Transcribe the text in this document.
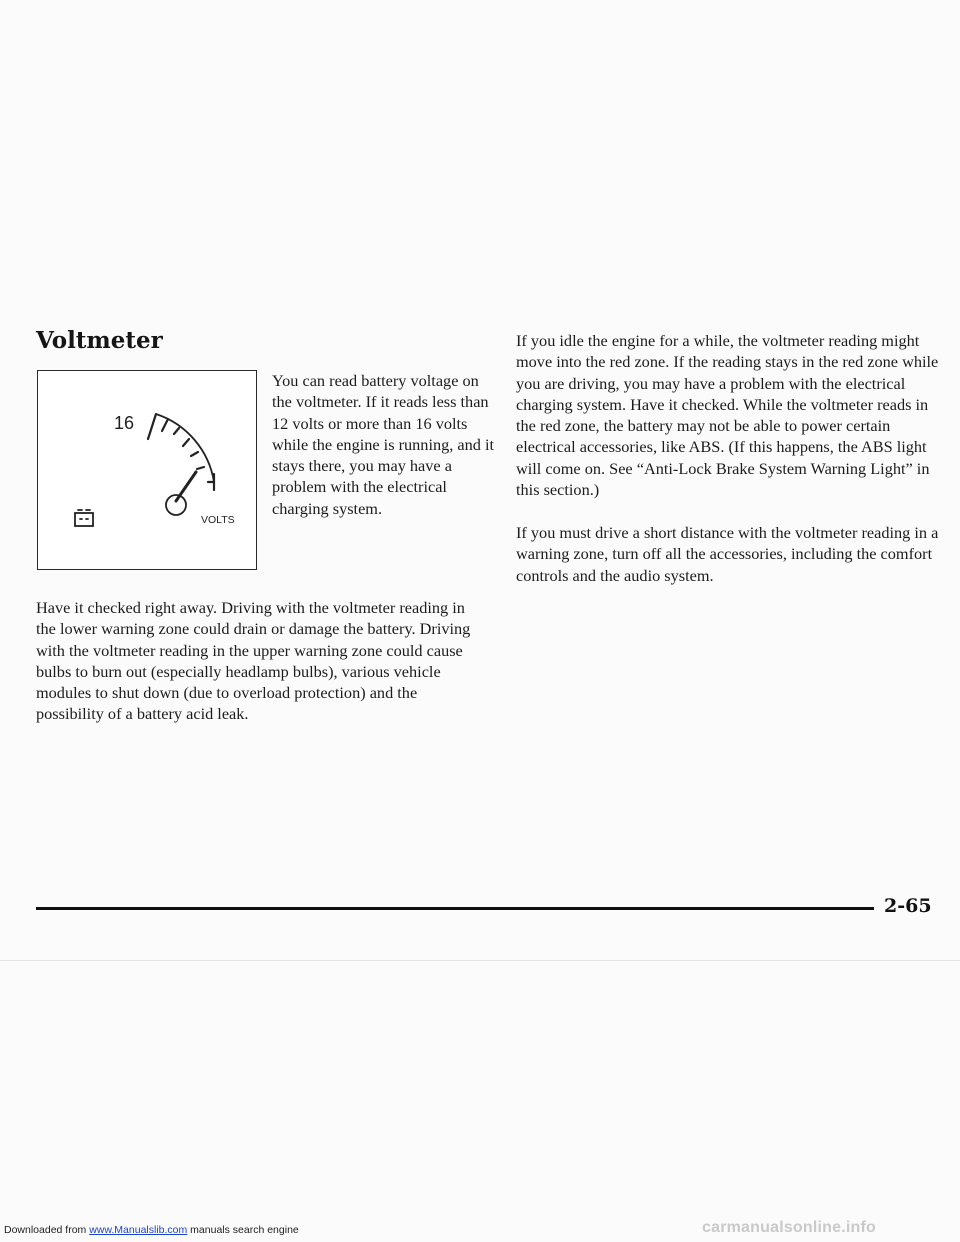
Voltmeter
16
VOLTS

You can read battery voltage on the voltmeter. If it reads less than 12 volts or more than 16 volts while the engine is running, and it stays there, you may have a problem with the electrical charging system.

Have it checked right away. Driving with the voltmeter reading in the lower warning zone could drain or damage the battery. Driving with the voltmeter reading in the upper warning zone could cause bulbs to burn out (especially headlamp bulbs), various vehicle modules to shut down (due to overload protection) and the possibility of a battery acid leak.

If you idle the engine for a while, the voltmeter reading might move into the red zone. If the reading stays in the red zone while you are driving, you may have a problem with the electrical charging system. Have it checked. While the voltmeter reads in the red zone, the battery may not be able to power certain electrical accessories, like ABS. (If this happens, the ABS light will come on. See “Anti-Lock Brake System Warning Light” in this section.)

If you must drive a short distance with the voltmeter reading in a warning zone, turn off all the accessories, including the comfort controls and the audio system.

2-65

Downloaded from www.Manualslib.com manuals search engine	carmanualsonline.info
